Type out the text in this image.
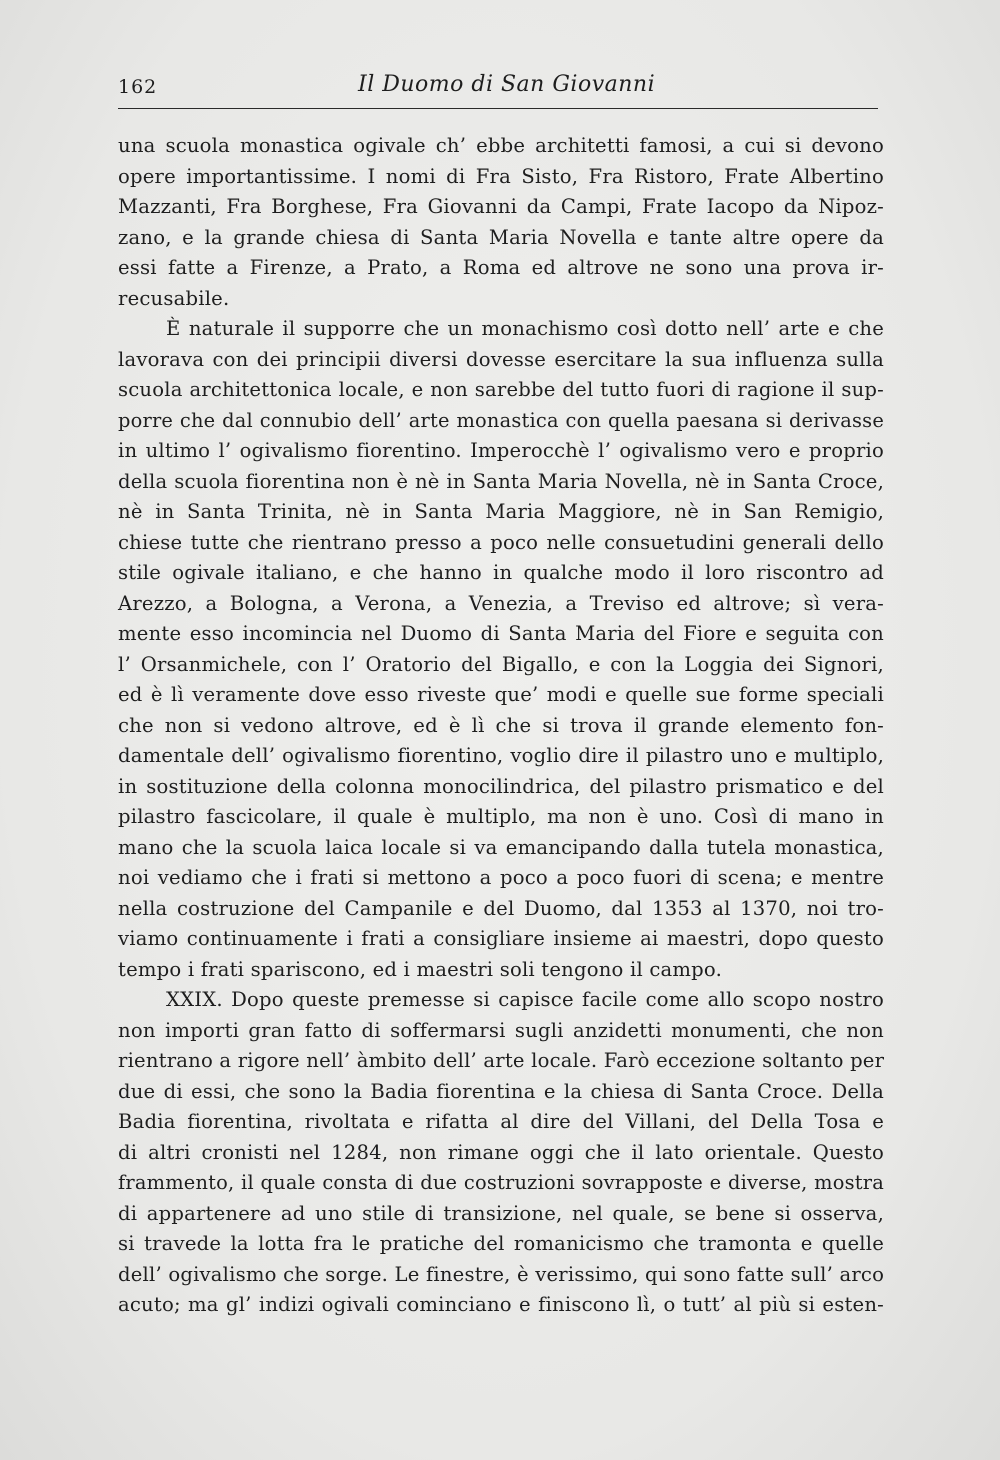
162	Il Duomo di San Giovanni
una scuola monastica ogivale ch’ ebbe architetti famosi, a cui si devono
opere importantissime. I nomi di Fra Sisto, Fra Ristoro, Frate Albertino
Mazzanti, Fra Borghese, Fra Giovanni da Campi, Frate Iacopo da Nipoz-
zano, e la grande chiesa di Santa Maria Novella e tante altre opere da
essi fatte a Firenze, a Prato, a Roma ed altrove ne sono una prova ir-
recusabile.
È naturale il supporre che un monachismo così dotto nell’ arte e che
lavorava con dei principii diversi dovesse esercitare la sua influenza sulla
scuola architettonica locale, e non sarebbe del tutto fuori di ragione il sup-
porre che dal connubio dell’ arte monastica con quella paesana si derivasse
in ultimo l’ ogivalismo fiorentino. Imperocchè l’ ogivalismo vero e proprio
della scuola fiorentina non è nè in Santa Maria Novella, nè in Santa Croce,
nè in Santa Trinita, nè in Santa Maria Maggiore, nè in San Remigio,
chiese tutte che rientrano presso a poco nelle consuetudini generali dello
stile ogivale italiano, e che hanno in qualche modo il loro riscontro ad
Arezzo, a Bologna, a Verona, a Venezia, a Treviso ed altrove; sì vera-
mente esso incomincia nel Duomo di Santa Maria del Fiore e seguita con
l’ Orsanmichele, con l’ Oratorio del Bigallo, e con la Loggia dei Signori,
ed è lì veramente dove esso riveste que’ modi e quelle sue forme speciali
che non si vedono altrove, ed è lì che si trova il grande elemento fon-
damentale dell’ ogivalismo fiorentino, voglio dire il pilastro uno e multiplo,
in sostituzione della colonna monocilindrica, del pilastro prismatico e del
pilastro fascicolare, il quale è multiplo, ma non è uno. Così di mano in
mano che la scuola laica locale si va emancipando dalla tutela monastica,
noi vediamo che i frati si mettono a poco a poco fuori di scena; e mentre
nella costruzione del Campanile e del Duomo, dal 1353 al 1370, noi tro-
viamo continuamente i frati a consigliare insieme ai maestri, dopo questo
tempo i frati spariscono, ed i maestri soli tengono il campo.
XXIX. Dopo queste premesse si capisce facile come allo scopo nostro
non importi gran fatto di soffermarsi sugli anzidetti monumenti, che non
rientrano a rigore nell’ àmbito dell’ arte locale. Farò eccezione soltanto per
due di essi, che sono la Badia fiorentina e la chiesa di Santa Croce. Della
Badia fiorentina, rivoltata e rifatta al dire del Villani, del Della Tosa e
di altri cronisti nel 1284, non rimane oggi che il lato orientale. Questo
frammento, il quale consta di due costruzioni sovrapposte e diverse, mostra
di appartenere ad uno stile di transizione, nel quale, se bene si osserva,
si travede la lotta fra le pratiche del romanicismo che tramonta e quelle
dell’ ogivalismo che sorge. Le finestre, è verissimo, qui sono fatte sull’ arco
acuto; ma gl’ indizi ogivali cominciano e finiscono lì, o tutt’ al più si esten-
